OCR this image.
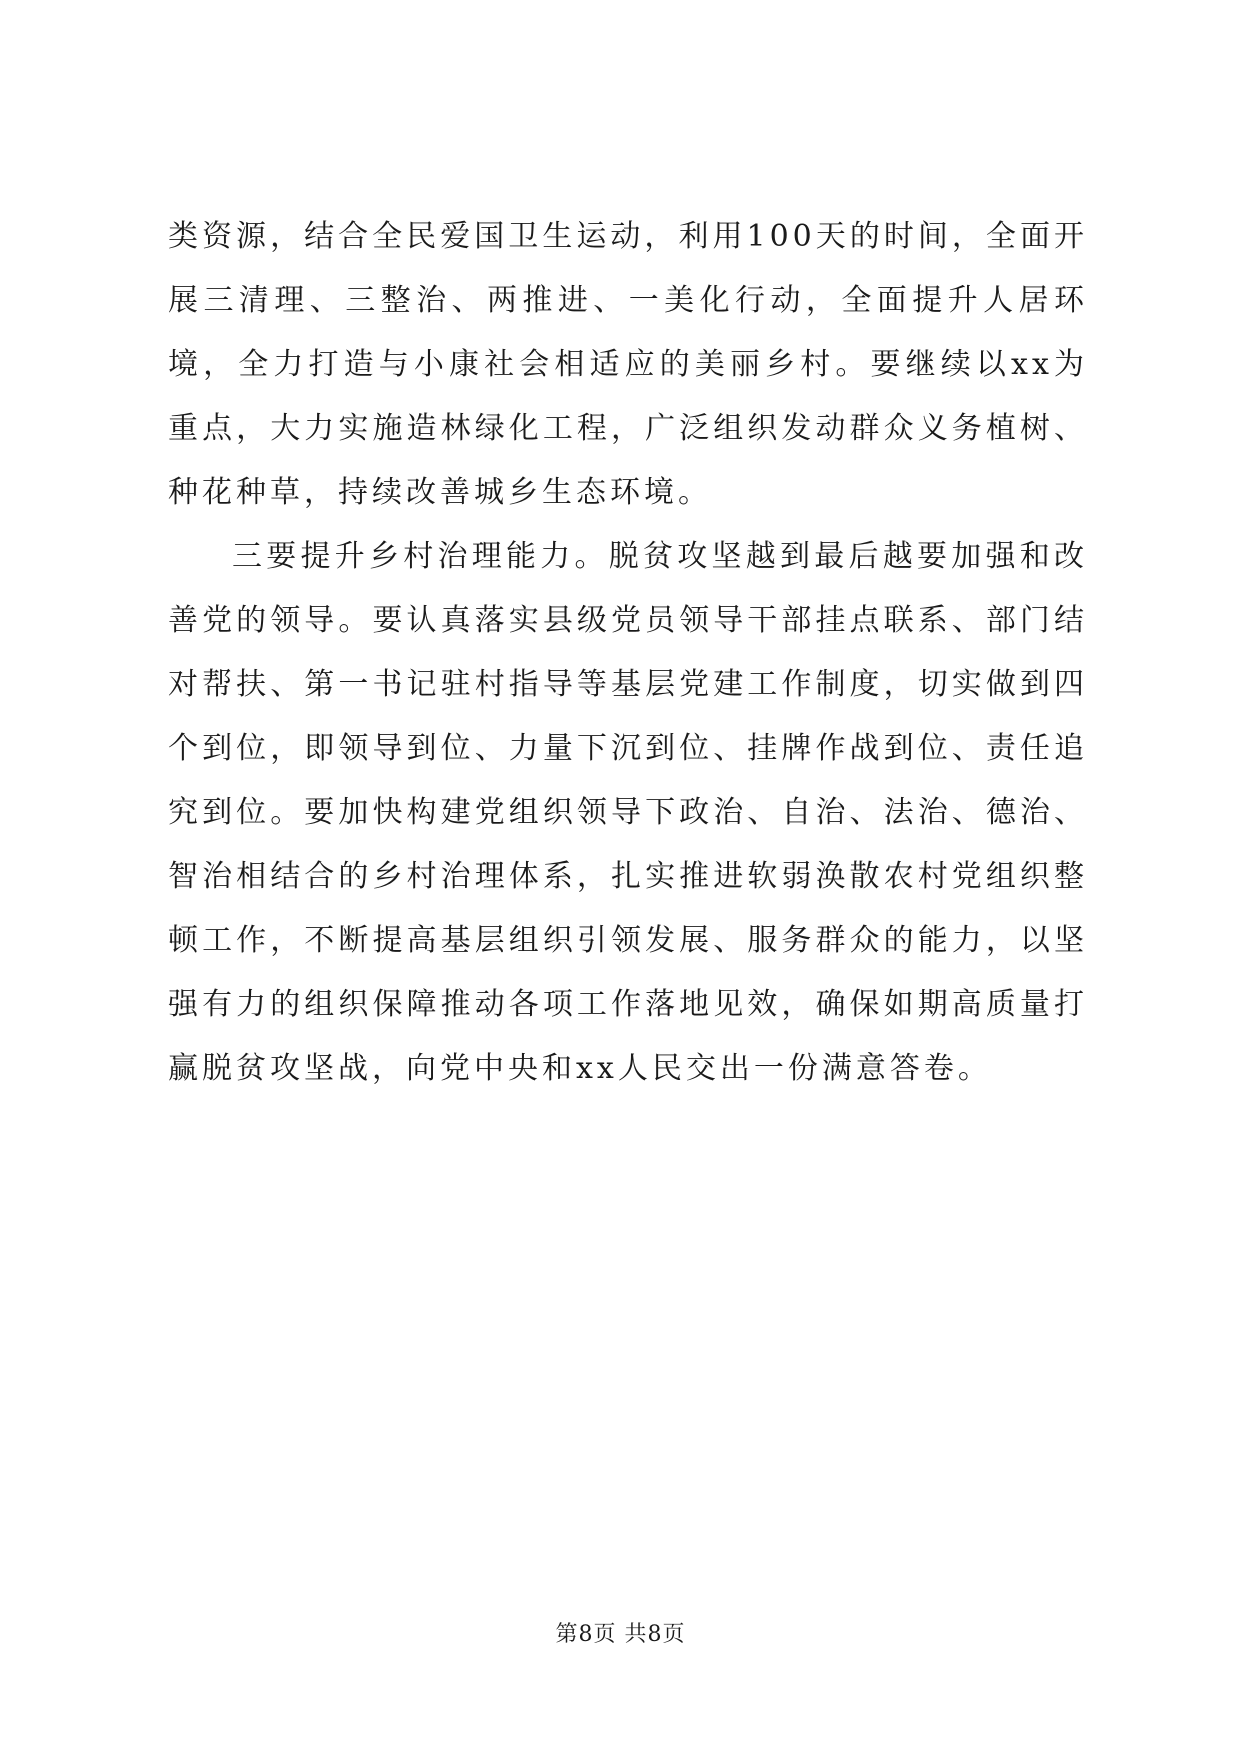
类资源，结合全民爱国卫生运动，利用100天的时间，全面开展三清理、三整治、两推进、一美化行动，全面提升人居环境，全力打造与小康社会相适应的美丽乡村。要继续以xx为重点，大力实施造林绿化工程，广泛组织发动群众义务植树、种花种草，持续改善城乡生态环境。

三要提升乡村治理能力。脱贫攻坚越到最后越要加强和改善党的领导。要认真落实县级党员领导干部挂点联系、部门结对帮扶、第一书记驻村指导等基层党建工作制度，切实做到四个到位，即领导到位、力量下沉到位、挂牌作战到位、责任追究到位。要加快构建党组织领导下政治、自治、法治、德治、智治相结合的乡村治理体系，扎实推进软弱涣散农村党组织整顿工作，不断提高基层组织引领发展、服务群众的能力，以坚强有力的组织保障推动各项工作落地见效，确保如期高质量打赢脱贫攻坚战，向党中央和xx人民交出一份满意答卷。

第8页 共8页
